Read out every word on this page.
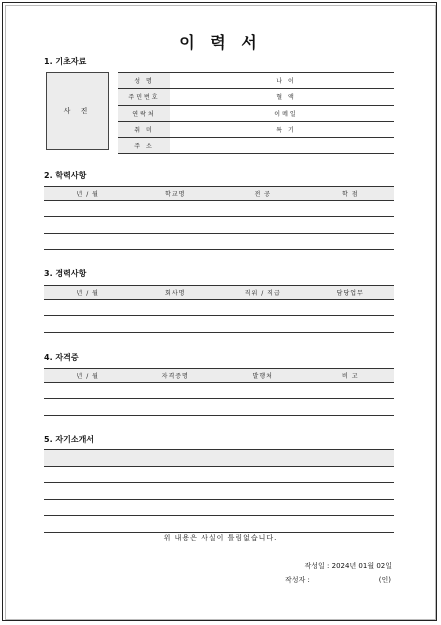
이 력 서
1. 기초자료
사 진
성 명		나 이	
주민번호		혈 액	
연락처		이메일	
취 미		특 기	
주 소			
2. 학력사항
년 / 월	학교명	전 공	학 점

3. 경력사항
년 / 월	회사명	직위 / 직급	담당업무

4. 자격증
년 / 월	자격증명	발행처	비 고

5. 자기소개서

위 내용은 사실이 틀림없습니다.
작성일 : 2024년 01월 02일
작성자 :	(인)
